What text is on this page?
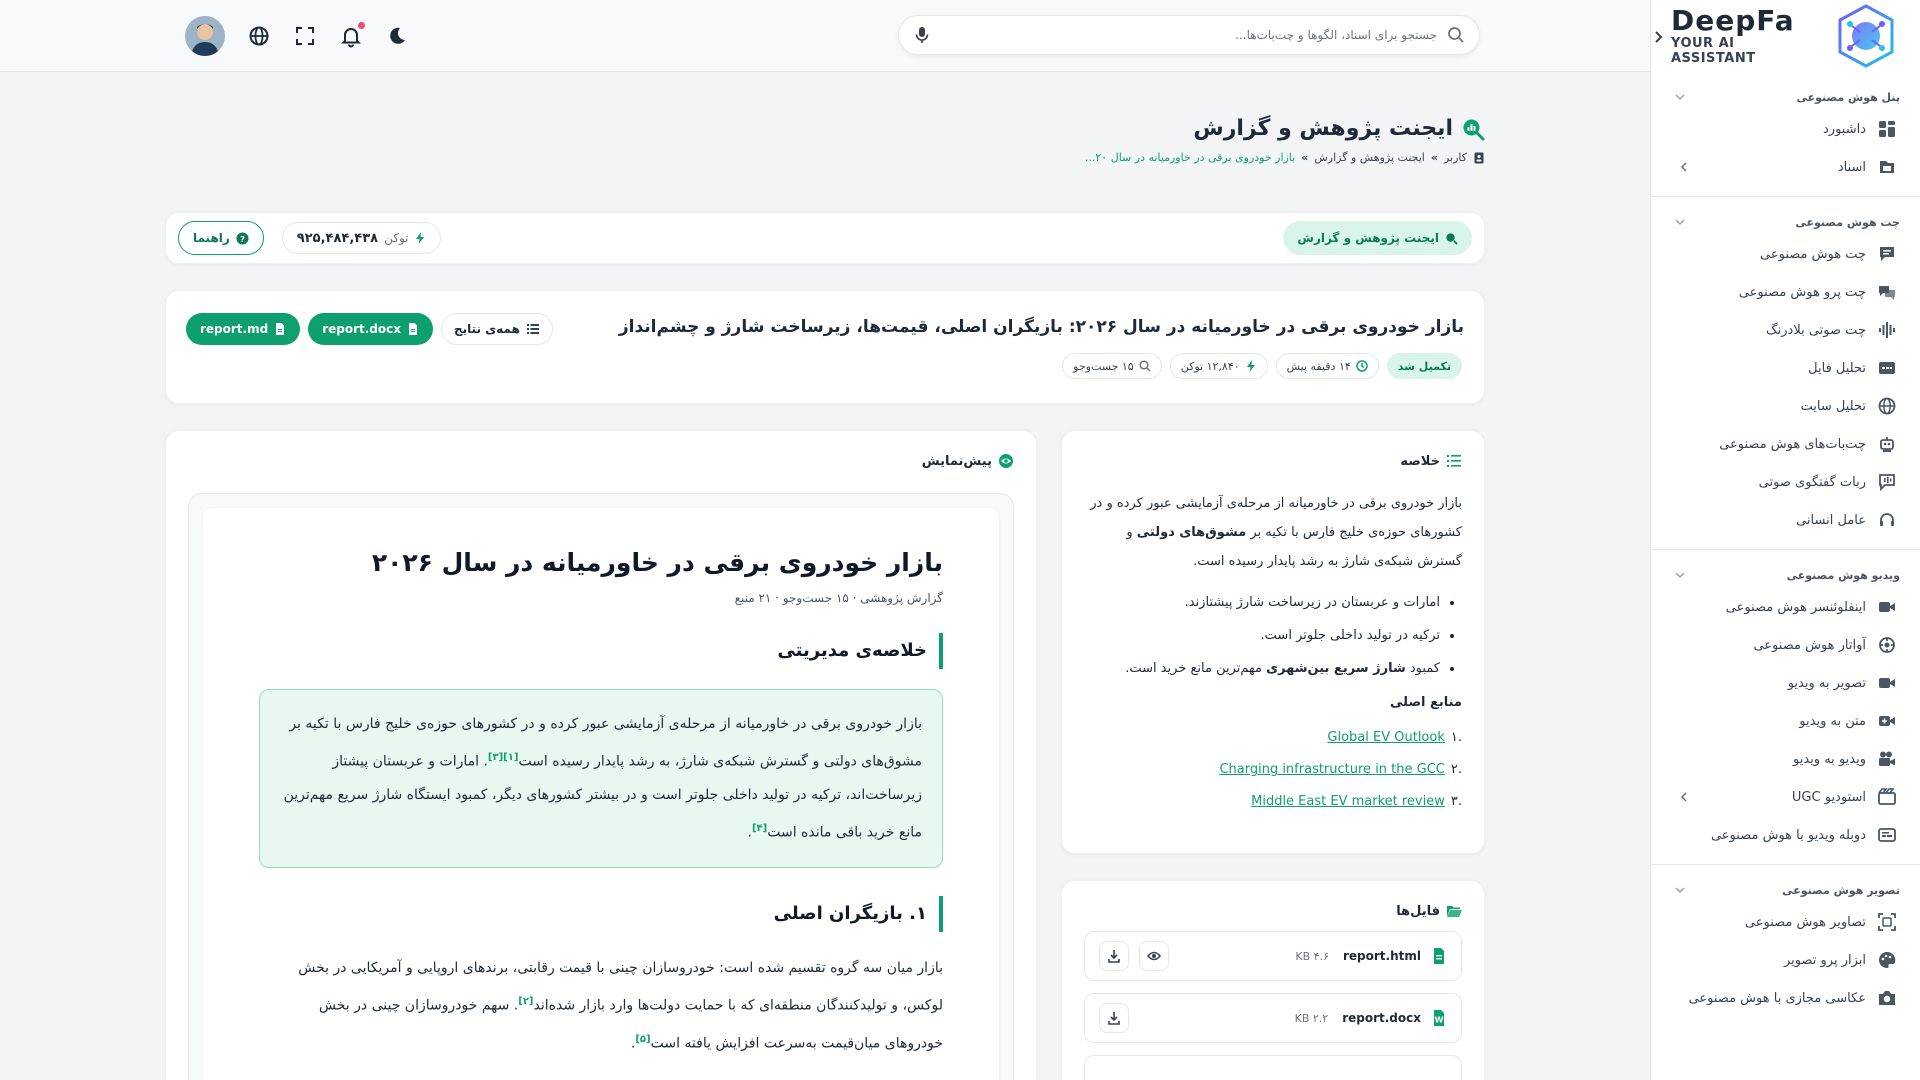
DeepFa
YOUR AI ASSISTANT
پنل هوش مصنوعی
داشبورد
اسناد
چت هوش مصنوعی
چت هوش مصنوعی
چت پرو هوش مصنوعی
چت صوتی بلادرنگ
تحلیل فایل
تحلیل سایت
چت‌بات‌های هوش مصنوعی
ربات گفتگوی صوتی
عامل انسانی
ویدیو هوش مصنوعی
اینفلوئنسر هوش مصنوعی
آواتار هوش مصنوعی
تصویر به ویدیو
متن به ویدیو
ویدیو به ویدیو
استودیو UGC
دوبله ویدیو با هوش مصنوعی
تصویر هوش مصنوعی
تصاویر هوش مصنوعی
ابزار پرو تصویر
عکاسی مجازی با هوش مصنوعی
جستجو برای اسناد، الگوها و چت‌بات‌ها...
ایجنت پژوهش و گزارش
کاربر
»
ایجنت پژوهش و گزارش
»
بازار خودروی برقی در خاورمیانه در سال ۲۰...
ایجنت پژوهش و گزارش
توکن
۹۲۵,۴۸۴,۴۳۸
?
راهنما
بازار خودروی برقی در خاورمیانه در سال ۲۰۲۶: بازیگران اصلی، قیمت‌ها، زیرساخت شارژ و چشم‌انداز
تکمیل شد
۱۴ دقیقه پیش
۱۲,۸۴۰ توکن
۱۵ جست‌وجو
report.md	report.docx	همه‌ی نتایج
خلاصه
بازار خودروی برقی در خاورمیانه از مرحله‌ی آزمایشی عبور کرده و در کشورهای حوزه‌ی خلیج فارس با تکیه بر مشوق‌های دولتی و گسترش شبکه‌ی شارژ به رشد پایدار رسیده است.
• امارات و عربستان در زیرساخت شارژ پیشتازند.
• ترکیه در تولید داخلی جلوتر است.
• کمبود شارژ سریع بین‌شهری مهم‌ترین مانع خرید است.
منابع اصلی
.۱
Global EV Outlook
.۲
Charging infrastructure in the GCC
.۳
Middle East EV market review
فایل‌ها
report.html
۴.۶ KB
W
report.docx
۲.۲ KB
پیش‌نمایش
بازار خودروی برقی در خاورمیانه در سال ۲۰۲۶
گزارش پژوهشی · ۱۵ جست‌وجو · ۲۱ منبع
خلاصه‌ی مدیریتی
بازار خودروی برقی در خاورمیانه از مرحله‌ی آزمایشی عبور کرده و در کشورهای حوزه‌ی خلیج فارس با تکیه بر مشوق‌های دولتی و گسترش شبکه‌ی شارژ، به رشد پایدار رسیده است[۱][۳]. امارات و عربستان پیشتاز زیرساخت‌اند، ترکیه در تولید داخلی جلوتر است و در بیشتر کشورهای دیگر، کمبود ایستگاه شارژ سریع مهم‌ترین مانع خرید باقی مانده است[۴].
۱. بازیگران اصلی

بازار میان سه گروه تقسیم شده است: خودروسازان چینی با قیمت رقابتی، برندهای اروپایی و آمریکایی در بخش لوکس، و تولیدکنندگان منطقه‌ای که با حمایت دولت‌ها وارد بازار شده‌اند[۲]. سهم خودروسازان چینی در بخش خودروهای میان‌قیمت به‌سرعت افزایش یافته است[۵].
